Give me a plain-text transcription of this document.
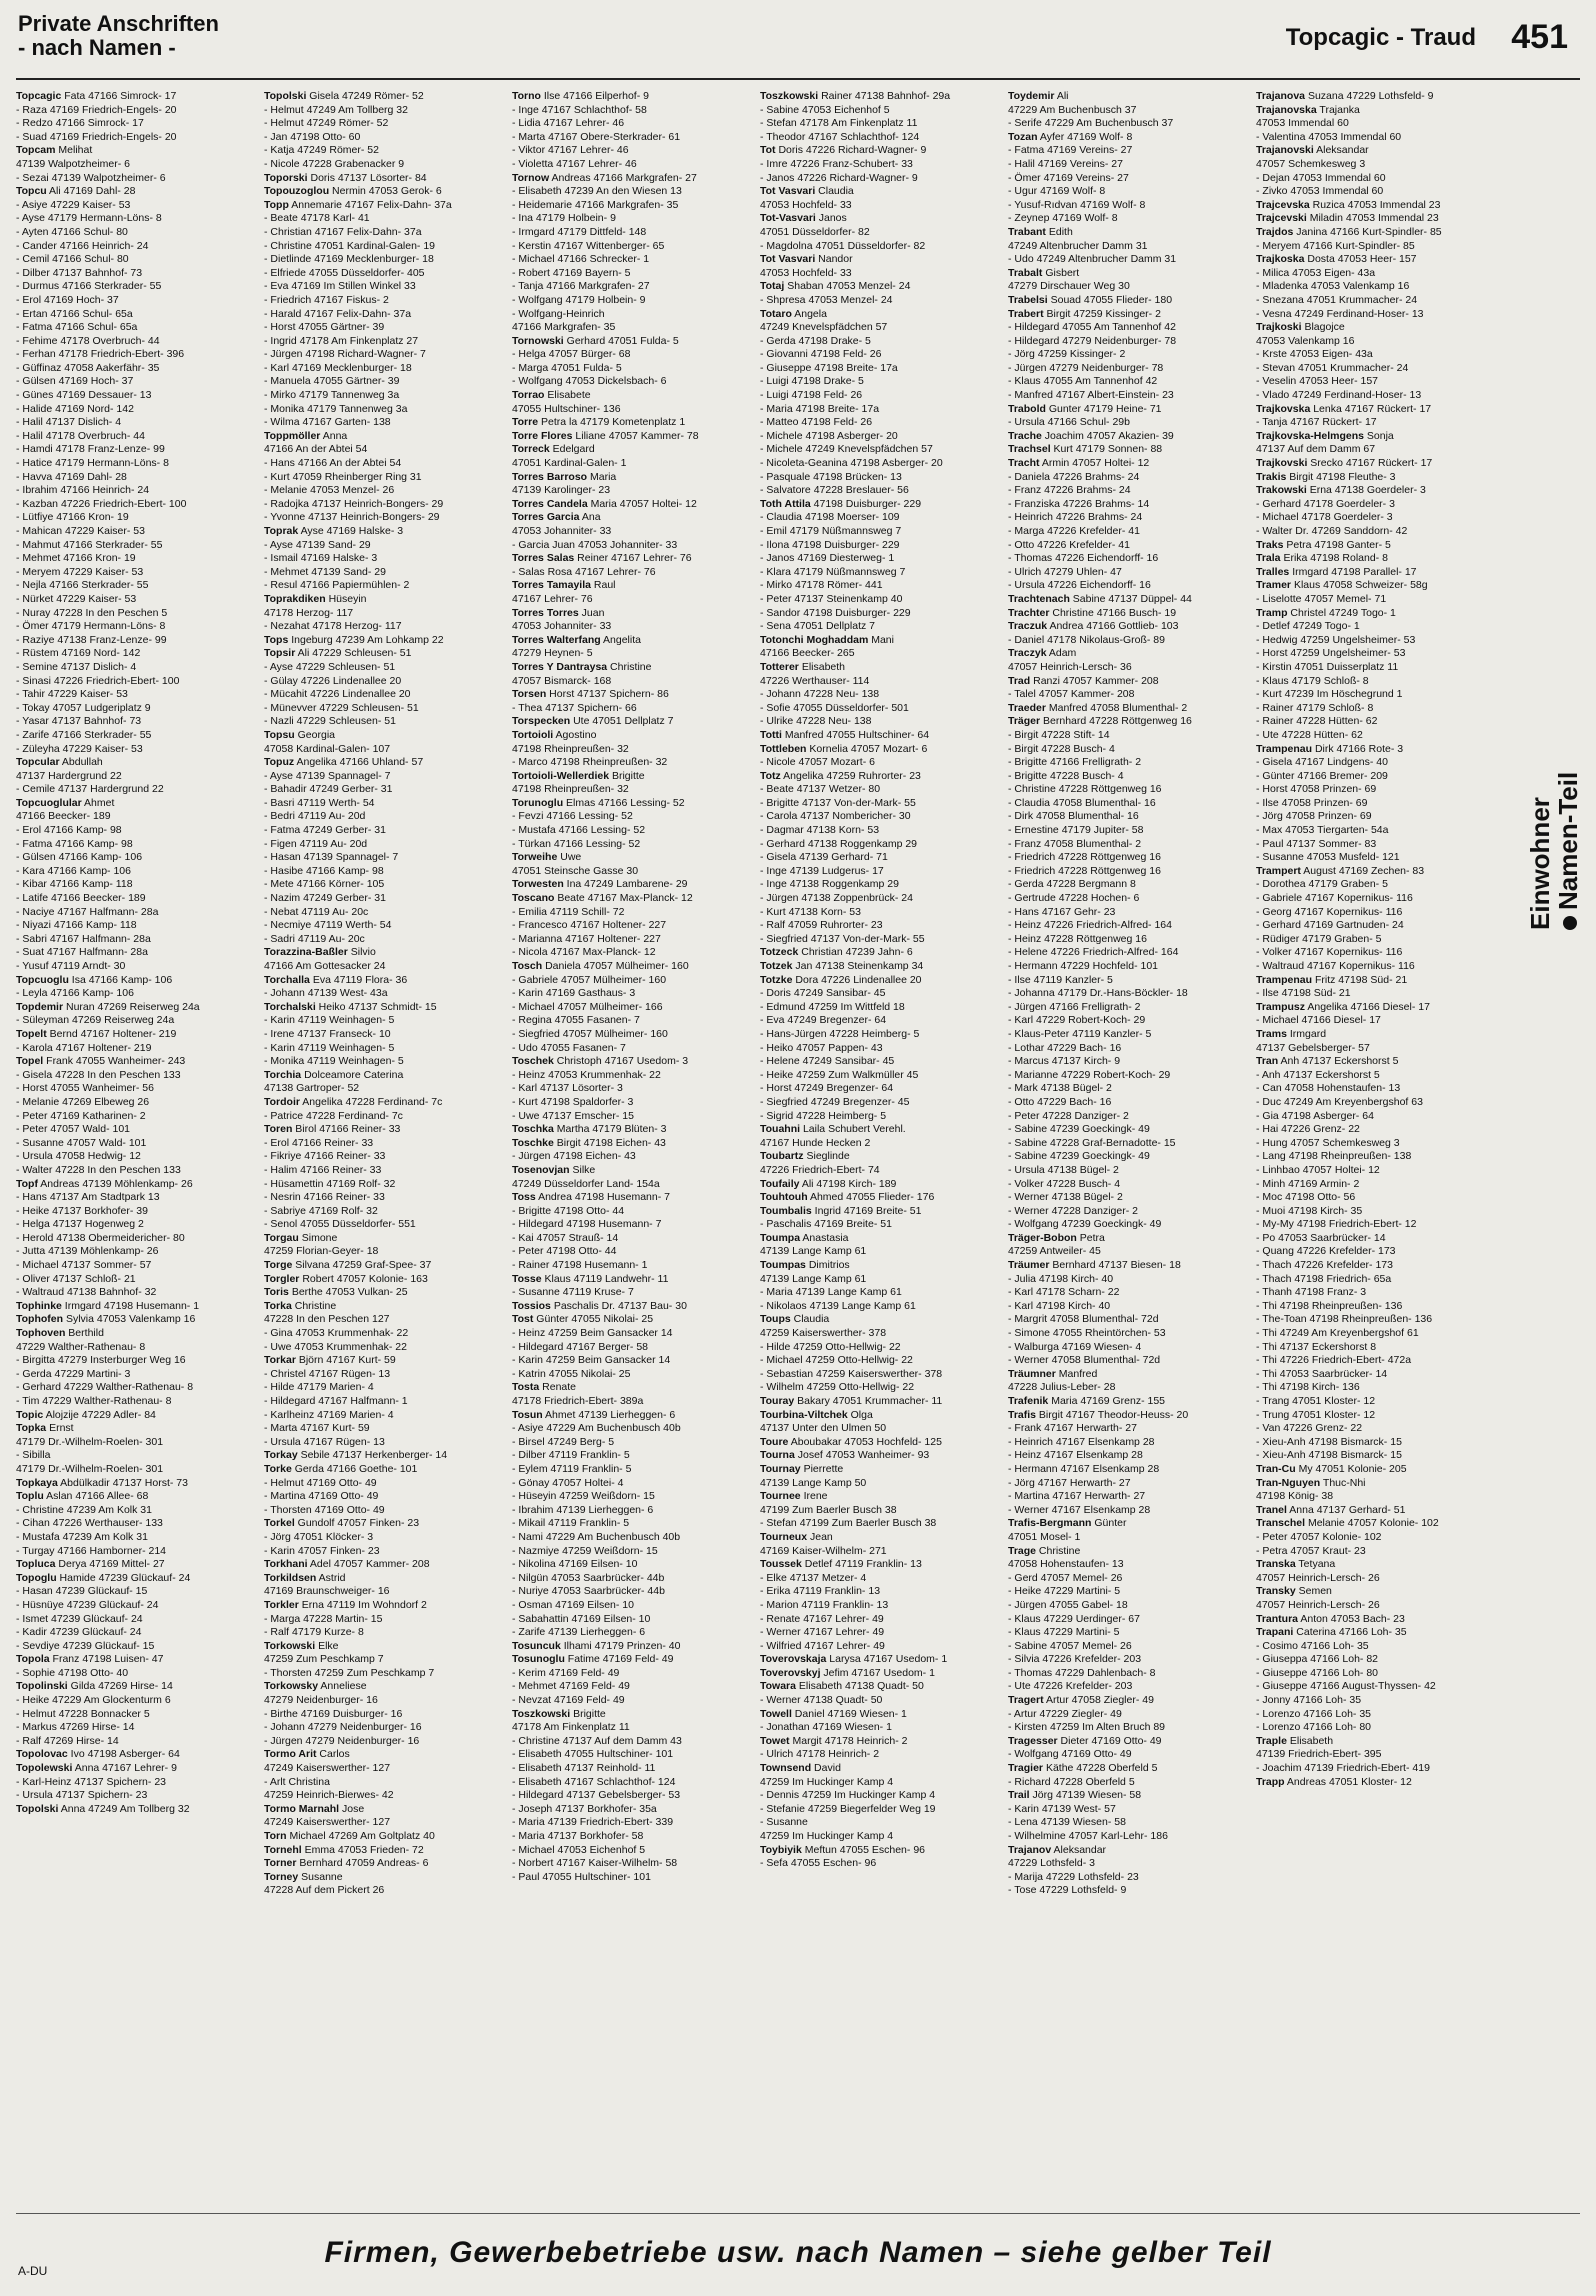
Private Anschriften
- nach Namen -	Topcagic - Traud 451
Topcagic Fata 47166 Simrock- 17
- Raza 47169 Friedrich-Engels- 20
- Redzo 47166 Simrock- 17
- Suad 47169 Friedrich-Engels- 20
Topcam Melihat
47139 Walpotzheimer- 6
- Sezai 47139 Walpotzheimer- 6
Topcu Ali 47169 Dahl- 28
- Asiye 47229 Kaiser- 53
- Ayse 47179 Hermann-Löns- 8
- Ayten 47166 Schul- 80
- Cander 47166 Heinrich- 24
- Cemil 47166 Schul- 80
- Dilber 47137 Bahnhof- 73
- Durmus 47166 Sterkrader- 55
- Erol 47169 Hoch- 37
- Ertan 47166 Schul- 65a
- Fatma 47166 Schul- 65a
- Fehime 47178 Overbruch- 44
- Ferhan 47178 Friedrich-Ebert- 396
- Güffinaz 47058 Aakerfähr- 35
- Gülsen 47169 Hoch- 37
- Günes 47169 Dessauer- 13
- Halide 47169 Nord- 142
- Halil 47137 Dislich- 4
- Halil 47178 Overbruch- 44
- Hamdi 47178 Franz-Lenze- 99
- Hatice 47179 Hermann-Löns- 8
- Havva 47169 Dahl- 28
- Ibrahim 47166 Heinrich- 24
- Kazban 47226 Friedrich-Ebert- 100
- Lütfiye 47166 Kron- 19
- Mahican 47229 Kaiser- 53
- Mahmut 47166 Sterkrader- 55
- Mehmet 47166 Kron- 19
- Meryem 47229 Kaiser- 53
- Nejla 47166 Sterkrader- 55
- Nürket 47229 Kaiser- 53
- Nuray 47228 In den Peschen 5
- Ömer 47179 Hermann-Löns- 8
- Raziye 47138 Franz-Lenze- 99
- Rüstem 47169 Nord- 142
- Semine 47137 Dislich- 4
- Sinasi 47226 Friedrich-Ebert- 100
- Tahir 47229 Kaiser- 53
- Tokay 47057 Ludgeriplatz 9
- Yasar 47137 Bahnhof- 73
- Zarife 47166 Sterkrader- 55
- Züleyha 47229 Kaiser- 53
Topcular Abdullah
47137 Hardergrund 22
- Cemile 47137 Hardergrund 22
Topcuoglular Ahmet
47166 Beecker- 189
- Erol 47166 Kamp- 98
- Fatma 47166 Kamp- 98
- Gülsen 47166 Kamp- 106
- Kara 47166 Kamp- 106
- Kibar 47166 Kamp- 118
- Latife 47166 Beecker- 189
- Naciye 47167 Halfmann- 28a
- Niyazi 47166 Kamp- 118
- Sabri 47167 Halfmann- 28a
- Suat 47167 Halfmann- 28a
- Yusuf 47119 Arndt- 30
Topcuoglu Isa 47166 Kamp- 106
- Leyla 47166 Kamp- 106
Topdemir Nuran 47269 Reiserweg 24a
- Süleyman 47269 Reiserweg 24a
Topelt Bernd 47167 Holtener- 219
- Karola 47167 Holtener- 219
Topel Frank 47055 Wanheimer- 243
- Gisela 47228 In den Peschen 133
- Horst 47055 Wanheimer- 56
- Melanie 47269 Elbeweg 26
- Peter 47169 Katharinen- 2
- Peter 47057 Wald- 101
- Susanne 47057 Wald- 101
- Ursula 47058 Hedwig- 12
- Walter 47228 In den Peschen 133
Topf Andreas 47139 Möhlenkamp- 26
- Hans 47137 Am Stadtpark 13
- Heike 47137 Borkhofer- 39
- Helga 47137 Hogenweg 2
- Herold 47138 Obermeidericher- 80
- Jutta 47139 Möhlenkamp- 26
- Michael 47137 Sommer- 57
- Oliver 47137 Schloß- 21
- Waltraud 47138 Bahnhof- 32
Tophinke Irmgard 47198 Husemann- 1
Tophofen Sylvia 47053 Valenkamp 16
Tophoven Berthild
47229 Walther-Rathenau- 8
- Birgitta 47279 Insterburger Weg 16
- Gerda 47229 Martini- 3
- Gerhard 47229 Walther-Rathenau- 8
- Tim 47229 Walther-Rathenau- 8
Topic Alojzije 47229 Adler- 84
Topka Ernst
47179 Dr.-Wilhelm-Roelen- 301
- Sibilla
47179 Dr.-Wilhelm-Roelen- 301
Topkaya Abdülkadir 47137 Horst- 73
Toplu Aslan 47166 Allee- 68
- Christine 47239 Am Kolk 31
- Cihan 47226 Werthauser- 133
- Mustafa 47239 Am Kolk 31
- Turgay 47166 Hamborner- 214
Topluca Derya 47169 Mittel- 27
Topoglu Hamide 47239 Glückauf- 24
- Hasan 47239 Glückauf- 15
- Hüsnüye 47239 Glückauf- 24
- Ismet 47239 Glückauf- 24
- Kadir 47239 Glückauf- 24
- Sevdiye 47239 Glückauf- 15
Topola Franz 47198 Luisen- 47
- Sophie 47198 Otto- 40
Topolinski Gilda 47269 Hirse- 14
- Heike 47229 Am Glockenturm 6
- Helmut 47228 Bonnacker 5
- Markus 47269 Hirse- 14
- Ralf 47269 Hirse- 14
Topolovac Ivo 47198 Asberger- 64
Topolewski Anna 47167 Lehrer- 9
- Karl-Heinz 47137 Spichern- 23
- Ursula 47137 Spichern- 23
Topolski Anna 47249 Am Tollberg 32
Topolski Gisela 47249 Römer- 52
- Helmut 47249 Am Tollberg 32
- Helmut 47249 Römer- 52
- Jan 47198 Otto- 60
- Katja 47249 Römer- 52
- Nicole 47228 Grabenacker 9
Toporski Doris 47137 Lösorter- 84
Topouzoglou Nermin 47053 Gerok- 6
Topp Annemarie 47167 Felix-Dahn- 37a
- Beate 47178 Karl- 41
- Christian 47167 Felix-Dahn- 37a
- Christine 47051 Kardinal-Galen- 19
- Dietlinde 47169 Mecklenburger- 18
- Elfriede 47055 Düsseldorfer- 405
- Eva 47169 Im Stillen Winkel 33
- Friedrich 47167 Fiskus- 2
- Harald 47167 Felix-Dahn- 37a
- Horst 47055 Gärtner- 39
- Ingrid 47178 Am Finkenplatz 27
- Jürgen 47198 Richard-Wagner- 7
- Karl 47169 Mecklenburger- 18
- Manuela 47055 Gärtner- 39
- Mirko 47179 Tannenweg 3a
- Monika 47179 Tannenweg 3a
- Wilma 47167 Garten- 138
Toppmöller Anna
47166 An der Abtei 54
- Hans 47166 An der Abtei 54
- Kurt 47059 Rheinberger Ring 31
- Melanie 47053 Menzel- 26
- Radojka 47137 Heinrich-Bongers- 29
- Yvonne 47137 Heinrich-Bongers- 29
Toprak Ayse 47169 Halske- 3
- Ayse 47139 Sand- 29
- Ismail 47169 Halske- 3
- Mehmet 47139 Sand- 29
- Resul 47166 Papiermühlen- 2
Toprakdiken Hüseyin
47178 Herzog- 117
- Nezahat 47178 Herzog- 117
Tops Ingeburg 47239 Am Lohkamp 22
Topsir Ali 47229 Schleusen- 51
- Ayse 47229 Schleusen- 51
- Gülay 47226 Lindenallee 20
- Mücahit 47226 Lindenallee 20
- Münevver 47229 Schleusen- 51
- Nazli 47229 Schleusen- 51
Topsu Georgia
47058 Kardinal-Galen- 107
Topuz Angelika 47166 Uhland- 57
- Ayse 47139 Spannagel- 7
- Bahadir 47249 Gerber- 31
- Basri 47119 Werth- 54
- Bedri 47119 Au- 20d
- Fatma 47249 Gerber- 31
- Figen 47119 Au- 20d
- Hasan 47139 Spannagel- 7
- Hasibe 47166 Kamp- 98
- Mete 47166 Körner- 105
- Nazim 47249 Gerber- 31
- Nebat 47119 Au- 20c
- Necmiye 47119 Werth- 54
- Sadri 47119 Au- 20c
Torazzina-Baßler Silvio
47166 Am Gottesacker 24
Torchalla Eva 47119 Flora- 36
- Johann 47139 West- 43a
Torchalski Heiko 47137 Schmidt- 15
- Karin 47119 Weinhagen- 5
- Irene 47137 Franseck- 10
- Karin 47119 Weinhagen- 5
- Monika 47119 Weinhagen- 5
Torchia Dolceamore Caterina
47138 Gartroper- 52
Tordoir Angelika 47228 Ferdinand- 7c
- Patrice 47228 Ferdinand- 7c
Toren Birol 47166 Reiner- 33
- Erol 47166 Reiner- 33
- Fikriye 47166 Reiner- 33
- Halim 47166 Reiner- 33
- Hüsamettin 47169 Rolf- 32
- Nesrin 47166 Reiner- 33
- Sabriye 47169 Rolf- 32
- Senol 47055 Düsseldorfer- 551
Torgau Simone
47259 Florian-Geyer- 18
Torge Silvana 47259 Graf-Spee- 37
Torgler Robert 47057 Kolonie- 163
Toris Berthe 47053 Vulkan- 25
Torka Christine
47228 In den Peschen 127
- Gina 47053 Krummenhak- 22
- Uwe 47053 Krummenhak- 22
Torkar Björn 47167 Kurt- 59
- Christel 47167 Rügen- 13
- Hilde 47179 Marien- 4
- Hildegard 47167 Halfmann- 1
- Karlheinz 47169 Marien- 4
- Marta 47167 Kurt- 59
- Ursula 47167 Rügen- 13
Torkay Sebile 47137 Herkenberger- 14
Torke Gerda 47166 Goethe- 101
- Helmut 47169 Otto- 49
- Martina 47169 Otto- 49
- Thorsten 47169 Otto- 49
Torkel Gundolf 47057 Finken- 23
- Jörg 47051 Klöcker- 3
- Karin 47057 Finken- 23
Torkhani Adel 47057 Kammer- 208
Torkildsen Astrid
47169 Braunschweiger- 16
Torkler Erna 47119 Im Wohndorf 2
- Marga 47228 Martin- 15
- Ralf 47179 Kurze- 8
Torkowski Elke
47259 Zum Peschkamp 7
- Thorsten 47259 Zum Peschkamp 7
Torkowsky Anneliese
47279 Neidenburger- 16
- Birthe 47169 Duisburger- 16
- Johann 47279 Neidenburger- 16
- Jürgen 47279 Neidenburger- 16
Tormo Arit Carlos
47249 Kaiserswerther- 127
- Arlt Christina
47259 Heinrich-Bierwes- 42
Tormo Marnahl Jose
47249 Kaiserswerther- 127
Torn Michael 47269 Am Goltplatz 40
Tornehl Emma 47053 Frieden- 72
Torner Bernhard 47059 Andreas- 6
Torney Susanne
47228 Auf dem Pickert 26
Torno Ilse 47166 Eilperhof- 9
- Inge 47167 Schlachthof- 58
- Lidia 47167 Lehrer- 46
- Marta 47167 Obere-Sterkrader- 61
- Viktor 47167 Lehrer- 46
- Violetta 47167 Lehrer- 46
Tornow Andreas 47166 Markgrafen- 27
- Elisabeth 47239 An den Wiesen 13
- Heidemarie 47166 Markgrafen- 35
- Ina 47179 Holbein- 9
- Irmgard 47179 Dittfeld- 148
- Kerstin 47167 Wittenberger- 65
- Michael 47166 Schrecker- 1
- Robert 47169 Bayern- 5
- Tanja 47166 Markgrafen- 27
- Wolfgang 47179 Holbein- 9
- Wolfgang-Heinrich
47166 Markgrafen- 35
Tornowski Gerhard 47051 Fulda- 5
- Helga 47057 Bürger- 68
- Marga 47051 Fulda- 5
- Wolfgang 47053 Dickelsbach- 6
Torrao Elisabete
47055 Hultschiner- 136
Torre Petra la 47179 Kometenplatz 1
Torre Flores Liliane 47057 Kammer- 78
Torreck Edelgard
47051 Kardinal-Galen- 1
Torres Barroso Maria
47139 Karolinger- 23
Torres Candela Maria 47057 Holtei- 12
Torres Garcia Ana
47053 Johanniter- 33
- Garcia Juan 47053 Johanniter- 33
Torres Salas Reiner 47167 Lehrer- 76
- Salas Rosa 47167 Lehrer- 76
Torres Tamayila Raul
47167 Lehrer- 76
Torres Torres Juan
47053 Johanniter- 33
Torres Walterfang Angelita
47279 Heynen- 5
Torres Y Dantraysa Christine
47057 Bismarck- 168
Torsen Horst 47137 Spichern- 86
- Thea 47137 Spichern- 66
Torspecken Ute 47051 Dellplatz 7
Tortoioli Agostino
47198 Rheinpreußen- 32
- Marco 47198 Rheinpreußen- 32
Tortoioli-Wellerdiek Brigitte
47198 Rheinpreußen- 32
Torunoglu Elmas 47166 Lessing- 52
- Fevzi 47166 Lessing- 52
- Mustafa 47166 Lessing- 52
- Türkan 47166 Lessing- 52
Torweihe Uwe
47051 Steinsche Gasse 30
Torwesten Ina 47249 Lambarene- 29
Toscano Beate 47167 Max-Planck- 12
- Emilia 47119 Schill- 72
- Francesco 47167 Holtener- 227
- Marianna 47167 Holtener- 227
- Nicola 47167 Max-Planck- 12
Tosch Daniela 47057 Mülheimer- 160
- Gabriele 47057 Mülheimer- 160
- Karin 47169 Gasthaus- 3
- Michael 47057 Mülheimer- 166
- Regina 47055 Fasanen- 7
- Siegfried 47057 Mülheimer- 160
- Udo 47055 Fasanen- 7
Toschek Christoph 47167 Usedom- 3
- Heinz 47053 Krummenhak- 22
- Karl 47137 Lösorter- 3
- Kurt 47198 Spaldorfer- 3
- Uwe 47137 Emscher- 15
Toschka Martha 47179 Blüten- 3
Toschke Birgit 47198 Eichen- 43
- Jürgen 47198 Eichen- 43
Tosenovjan Silke
47249 Düsseldorfer Land- 154a
Toss Andrea 47198 Husemann- 7
- Brigitte 47198 Otto- 44
- Hildegard 47198 Husemann- 7
- Kai 47057 Strauß- 14
- Peter 47198 Otto- 44
- Rainer 47198 Husemann- 1
Tosse Klaus 47119 Landwehr- 11
- Susanne 47119 Kruse- 7
Tossios Paschalis Dr. 47137 Bau- 30
Tost Günter 47055 Nikolai- 25
- Heinz 47259 Beim Gansacker 14
- Hildegard 47167 Berger- 58
- Karin 47259 Beim Gansacker 14
- Katrin 47055 Nikolai- 25
Tosta Renate
47178 Friedrich-Ebert- 389a
Tosun Ahmet 47139 Lierheggen- 6
- Asiye 47229 Am Buchenbusch 40b
- Birsel 47249 Berg- 5
- Dilber 47119 Franklin- 5
- Eylem 47119 Franklin- 5
- Gönay 47057 Holtei- 4
- Hüseyin 47259 Weißdorn- 15
- Ibrahim 47139 Lierheggen- 6
- Mikail 47119 Franklin- 5
- Nami 47229 Am Buchenbusch 40b
- Nazmiye 47259 Weißdorn- 15
- Nikolina 47169 Eilsen- 10
- Nilgün 47053 Saarbrücker- 44b
- Nuriye 47053 Saarbrücker- 44b
- Osman 47169 Eilsen- 10
- Sabahattin 47169 Eilsen- 10
- Zarife 47139 Lierheggen- 6
Tosuncuk Ilhami 47179 Prinzen- 40
Tosunoglu Fatime 47169 Feld- 49
- Kerim 47169 Feld- 49
- Mehmet 47169 Feld- 49
- Nevzat 47169 Feld- 49
Toszkowski Brigitte
47178 Am Finkenplatz 11
- Christine 47137 Auf dem Damm 43
- Elisabeth 47055 Hultschiner- 101
- Elisabeth 47137 Reinhold- 11
- Elisabeth 47167 Schlachthof- 124
- Hildegard 47137 Gebelsberger- 53
- Joseph 47137 Borkhofer- 35a
- Maria 47139 Friedrich-Ebert- 339
- Maria 47137 Borkhofer- 58
- Michael 47053 Eichenhof 5
- Norbert 47167 Kaiser-Wilhelm- 58
- Paul 47055 Hultschiner- 101
Toszkowski Rainer 47138 Bahnhof- 29a
- Sabine 47053 Eichenhof 5
- Stefan 47178 Am Finkenplatz 11
- Theodor 47167 Schlachthof- 124
Tot Doris 47226 Richard-Wagner- 9
- Imre 47226 Franz-Schubert- 33
- Janos 47226 Richard-Wagner- 9
Tot Vasvari Claudia
47053 Hochfeld- 33
Tot-Vasvari Janos
47051 Düsseldorfer- 82
- Magdolna 47051 Düsseldorfer- 82
Tot Vasvari Nandor
47053 Hochfeld- 33
Totaj Shaban 47053 Menzel- 24
- Shpresa 47053 Menzel- 24
Totaro Angela
47249 Knevelspfädchen 57
- Gerda 47198 Drake- 5
- Giovanni 47198 Feld- 26
- Giuseppe 47198 Breite- 17a
- Luigi 47198 Drake- 5
- Luigi 47198 Feld- 26
- Maria 47198 Breite- 17a
- Matteo 47198 Feld- 26
- Michele 47198 Asberger- 20
- Michele 47249 Knevelspfädchen 57
- Nicoleta-Geanina 47198 Asberger- 20
- Pasquale 47198 Brücken- 13
- Salvatore 47228 Breslauer- 56
Toth Attila 47198 Duisburger- 229
- Claudia 47198 Moerser- 109
- Emil 47179 Nüßmannsweg 7
- Ilona 47198 Duisburger- 229
- Janos 47169 Diesterweg- 1
- Klara 47179 Nüßmannsweg 7
- Mirko 47178 Römer- 441
- Peter 47137 Steinenkamp 40
- Sandor 47198 Duisburger- 229
- Sena 47051 Dellplatz 7
Totonchi Moghaddam Mani
47166 Beecker- 265
Totterer Elisabeth
47226 Werthauser- 114
- Johann 47228 Neu- 138
- Sofie 47055 Düsseldorfer- 501
- Ulrike 47228 Neu- 138
Totti Manfred 47055 Hultschiner- 64
Tottleben Kornelia 47057 Mozart- 6
- Nicole 47057 Mozart- 6
Totz Angelika 47259 Ruhrorter- 23
- Beate 47137 Wetzer- 80
- Brigitte 47137 Von-der-Mark- 55
- Carola 47137 Nombericher- 30
- Dagmar 47138 Korn- 53
- Gerhard 47138 Roggenkamp 29
- Gisela 47139 Gerhard- 71
- Inge 47139 Ludgerus- 17
- Inge 47138 Roggenkamp 29
- Jürgen 47138 Zoppenbrück- 24
- Kurt 47138 Korn- 53
- Ralf 47059 Ruhrorter- 23
- Siegfried 47137 Von-der-Mark- 55
Totzeck Christian 47239 Jahn- 6
Totzek Jan 47138 Steinenkamp 34
Totzke Dora 47226 Lindenallee 20
- Doris 47249 Sansibar- 45
- Edmund 47259 Im Wittfeld 18
- Eva 47249 Bregenzer- 64
- Hans-Jürgen 47228 Heimberg- 5
- Heiko 47057 Pappen- 43
- Helene 47249 Sansibar- 45
- Heike 47259 Zum Walkmüller 45
- Horst 47249 Bregenzer- 64
- Siegfried 47249 Bregenzer- 45
- Sigrid 47228 Heimberg- 5
Touahni Laila Schubert Verehl.
47167 Hunde Hecken 2
Toubartz Sieglinde
47226 Friedrich-Ebert- 74
Toufaily Ali 47198 Kirch- 189
Touhtouh Ahmed 47055 Flieder- 176
Toumbalis Ingrid 47169 Breite- 51
- Paschalis 47169 Breite- 51
Toumpa Anastasia
47139 Lange Kamp 61
Toumpas Dimitrios
47139 Lange Kamp 61
- Maria 47139 Lange Kamp 61
- Nikolaos 47139 Lange Kamp 61
Toups Claudia
47259 Kaiserswerther- 378
- Hilde 47259 Otto-Hellwig- 22
- Michael 47259 Otto-Hellwig- 22
- Sebastian 47259 Kaiserswerther- 378
- Wilhelm 47259 Otto-Hellwig- 22
Touray Bakary 47051 Krummacher- 11
Tourbina-Viltchek Olga
47137 Unter den Ulmen 50
Toure Aboubakar 47053 Hochfeld- 125
Tourna Josef 47053 Wanheimer- 93
Tournay Pierrette
47139 Lange Kamp 50
Tournee Irene
47199 Zum Baerler Busch 38
- Stefan 47199 Zum Baerler Busch 38
Tourneux Jean
47169 Kaiser-Wilhelm- 271
Toussek Detlef 47119 Franklin- 13
- Elke 47137 Metzer- 4
- Erika 47119 Franklin- 13
- Marion 47119 Franklin- 13
- Renate 47167 Lehrer- 49
- Werner 47167 Lehrer- 49
- Wilfried 47167 Lehrer- 49
Toverovskaja Larysa 47167 Usedom- 1
Toverovskyj Jefim 47167 Usedom- 1
Towara Elisabeth 47138 Quadt- 50
- Werner 47138 Quadt- 50
Towell Daniel 47169 Wiesen- 1
- Jonathan 47169 Wiesen- 1
Towet Margit 47178 Heinrich- 2
- Ulrich 47178 Heinrich- 2
Townsend David
47259 Im Huckinger Kamp 4
- Dennis 47259 Im Huckinger Kamp 4
- Stefanie 47259 Biegerfelder Weg 19
- Susanne
47259 Im Huckinger Kamp 4
Toybiyik Meftun 47055 Eschen- 96
- Sefa 47055 Eschen- 96
Toydemir Ali
47229 Am Buchenbusch 37
- Serife 47229 Am Buchenbusch 37
Tozan Ayfer 47169 Wolf- 8
- Fatma 47169 Vereins- 27
- Halil 47169 Vereins- 27
- Ömer 47169 Vereins- 27
- Ugur 47169 Wolf- 8
- Yusuf-Rıdvan 47169 Wolf- 8
- Zeynep 47169 Wolf- 8
Trabant Edith
47249 Altenbrucher Damm 31
- Udo 47249 Altenbrucher Damm 31
Trabalt Gisbert
47279 Dirschauer Weg 30
Trabelsi Souad 47055 Flieder- 180
Trabert Birgit 47259 Kissinger- 2
- Hildegard 47055 Am Tannenhof 42
- Hildegard 47279 Neidenburger- 78
- Jörg 47259 Kissinger- 2
- Jürgen 47279 Neidenburger- 78
- Klaus 47055 Am Tannenhof 42
- Manfred 47167 Albert-Einstein- 23
Trabold Gunter 47179 Heine- 71
- Ursula 47166 Schul- 29b
Trache Joachim 47057 Akazien- 39
Trachsel Kurt 47179 Sonnen- 88
Tracht Armin 47057 Holtei- 12
- Daniela 47226 Brahms- 24
- Franz 47226 Brahms- 24
- Franziska 47226 Brahms- 14
- Heinrich 47226 Brahms- 24
- Marga 47226 Krefelder- 41
- Otto 47226 Krefelder- 41
- Thomas 47226 Eichendorff- 16
- Ulrich 47279 Uhlen- 47
- Ursula 47226 Eichendorff- 16
Trachtenach Sabine 47137 Düppel- 44
Trachter Christine 47166 Busch- 19
Traczuk Andrea 47166 Gottlieb- 103
- Daniel 47178 Nikolaus-Groß- 89
Traczyk Adam
47057 Heinrich-Lersch- 36
Trad Ranzi 47057 Kammer- 208
- Talel 47057 Kammer- 208
Traeder Manfred 47058 Blumenthal- 2
Träger Bernhard 47228 Röttgenweg 16
- Birgit 47228 Stift- 14
- Birgit 47228 Busch- 4
- Brigitte 47166 Frelligrath- 2
- Brigitte 47228 Busch- 4
- Christine 47228 Röttgenweg 16
- Claudia 47058 Blumenthal- 16
- Dirk 47058 Blumenthal- 16
- Ernestine 47179 Jupiter- 58
- Franz 47058 Blumenthal- 2
- Friedrich 47228 Röttgenweg 16
- Friedrich 47228 Röttgenweg 16
- Gerda 47228 Bergmann 8
- Gertrude 47228 Hochen- 6
- Hans 47167 Gehr- 23
- Heinz 47226 Friedrich-Alfred- 164
- Heinz 47228 Röttgenweg 16
- Helene 47226 Friedrich-Alfred- 164
- Hermann 47229 Hochfeld- 101
- Ilse 47119 Kanzler- 5
- Johanna 47179 Dr.-Hans-Böckler- 18
- Jürgen 47166 Frelligrath- 2
- Karl 47229 Robert-Koch- 29
- Klaus-Peter 47119 Kanzler- 5
- Lothar 47229 Bach- 16
- Marcus 47137 Kirch- 9
- Marianne 47229 Robert-Koch- 29
- Mark 47138 Bügel- 2
- Otto 47229 Bach- 16
- Peter 47228 Danziger- 2
- Sabine 47239 Goeckingk- 49
- Sabine 47228 Graf-Bernadotte- 15
- Sabine 47239 Goeckingk- 49
- Ursula 47138 Bügel- 2
- Volker 47228 Busch- 4
- Werner 47138 Bügel- 2
- Werner 47228 Danziger- 2
- Wolfgang 47239 Goeckingk- 49
Träger-Bobon Petra
47259 Antweiler- 45
Träumer Bernhard 47137 Biesen- 18
- Julia 47198 Kirch- 40
- Karl 47178 Scharn- 22
- Karl 47198 Kirch- 40
- Margrit 47058 Blumenthal- 72d
- Simone 47055 Rheintörchen- 53
- Walburga 47169 Wiesen- 4
- Werner 47058 Blumenthal- 72d
Träumner Manfred
47228 Julius-Leber- 28
Trafenik Maria 47169 Grenz- 155
Trafis Birgit 47167 Theodor-Heuss- 20
- Frank 47167 Herwarth- 27
- Heinrich 47167 Elsenkamp 28
- Heinz 47167 Elsenkamp 28
- Hermann 47167 Elsenkamp 28
- Jörg 47167 Herwarth- 27
- Martina 47167 Herwarth- 27
- Werner 47167 Elsenkamp 28
Trafis-Bergmann Günter
47051 Mosel- 1
Trage Christine
47058 Hohenstaufen- 13
- Gerd 47057 Memel- 26
- Heike 47229 Martini- 5
- Jürgen 47055 Gabel- 18
- Klaus 47229 Uerdinger- 67
- Klaus 47229 Martini- 5
- Sabine 47057 Memel- 26
- Silvia 47226 Krefelder- 203
- Thomas 47229 Dahlenbach- 8
- Ute 47226 Krefelder- 203
Tragert Artur 47058 Ziegler- 49
- Artur 47229 Ziegler- 49
- Kirsten 47259 Im Alten Bruch 89
Tragesser Dieter 47169 Otto- 49
- Wolfgang 47169 Otto- 49
Tragier Käthe 47228 Oberfeld 5
- Richard 47228 Oberfeld 5
Trail Jörg 47139 Wiesen- 58
- Karin 47139 West- 57
- Lena 47139 Wiesen- 58
- Wilhelmine 47057 Karl-Lehr- 186
Trajanov Aleksandar
47229 Lothsfeld- 3
- Marija 47229 Lothsfeld- 23
- Tose 47229 Lothsfeld- 9
Trajanova Suzana 47229 Lothsfeld- 9
Trajanovska Trajanka
47053 Immendal 60
- Valentina 47053 Immendal 60
Trajanovski Aleksandar
47057 Schemkesweg 3
- Dejan 47053 Immendal 60
- Zivko 47053 Immendal 60
Trajcevska Ruzica 47053 Immendal 23
Trajcevski Miladin 47053 Immendal 23
Trajdos Janina 47166 Kurt-Spindler- 85
- Meryem 47166 Kurt-Spindler- 85
Trajkoska Dosta 47053 Heer- 157
- Milica 47053 Eigen- 43a
- Mladenka 47053 Valenkamp 16
- Snezana 47051 Krummacher- 24
- Vesna 47249 Ferdinand-Hoser- 13
Trajkoski Blagojce
47053 Valenkamp 16
- Krste 47053 Eigen- 43a
- Stevan 47051 Krummacher- 24
- Veselin 47053 Heer- 157
- Vlado 47249 Ferdinand-Hoser- 13
Trajkovska Lenka 47167 Rückert- 17
- Tanja 47167 Rückert- 17
Trajkovska-Helmgens Sonja
47137 Auf dem Damm 67
Trajkovski Srecko 47167 Rückert- 17
Trakis Birgit 47198 Fleuthe- 3
Trakowski Erna 47138 Goerdeler- 3
- Gerhard 47178 Goerdeler- 3
- Michael 47178 Goerdeler- 3
- Walter Dr. 47269 Sanddorn- 42
Traks Petra 47198 Ganter- 5
Trala Erika 47198 Roland- 8
Tralles Irmgard 47198 Parallel- 17
Tramer Klaus 47058 Schweizer- 58g
- Liselotte 47057 Memel- 71
Tramp Christel 47249 Togo- 1
- Detlef 47249 Togo- 1
- Hedwig 47259 Ungelsheimer- 53
- Horst 47259 Ungelsheimer- 53
- Kirstin 47051 Duisserplatz 11
- Klaus 47179 Schloß- 8
- Kurt 47239 Im Höschegrund 1
- Rainer 47179 Schloß- 8
- Rainer 47228 Hütten- 62
- Ute 47228 Hütten- 62
Trampenau Dirk 47166 Rote- 3
- Gisela 47167 Lindgens- 40
- Günter 47166 Bremer- 209
- Horst 47058 Prinzen- 69
- Ilse 47058 Prinzen- 69
- Jörg 47058 Prinzen- 69
- Max 47053 Tiergarten- 54a
- Paul 47137 Sommer- 83
- Susanne 47053 Musfeld- 121
Trampert August 47169 Zechen- 83
- Dorothea 47179 Graben- 5
- Gabriele 47167 Kopernikus- 116
- Georg 47167 Kopernikus- 116
- Gerhard 47169 Gartnuden- 24
- Rüdiger 47179 Graben- 5
- Volker 47167 Kopernikus- 116
- Waltraud 47167 Kopernikus- 116
Trampenau Fritz 47198 Süd- 21
- Ilse 47198 Süd- 21
Trampusz Angelika 47166 Diesel- 17
- Michael 47166 Diesel- 17
Trams Irmgard
47137 Gebelsberger- 57
Tran Anh 47137 Eckershorst 5
- Anh 47137 Eckershorst 5
- Can 47058 Hohenstaufen- 13
- Duc 47249 Am Kreyenbergshof 63
- Gia 47198 Asberger- 64
- Hai 47226 Grenz- 22
- Hung 47057 Schemkesweg 3
- Lang 47198 Rheinpreußen- 138
- Linhbao 47057 Holtei- 12
- Minh 47169 Armin- 2
- Moc 47198 Otto- 56
- Muoi 47198 Kirch- 35
- My-My 47198 Friedrich-Ebert- 12
- Po 47053 Saarbrücker- 14
- Quang 47226 Krefelder- 173
- Thach 47226 Krefelder- 173
- Thach 47198 Friedrich- 65a
- Thanh 47198 Franz- 3
- Thi 47198 Rheinpreußen- 136
- The-Toan 47198 Rheinpreußen- 136
- Thi 47249 Am Kreyenbergshof 61
- Thi 47137 Eckershorst 8
- Thi 47226 Friedrich-Ebert- 472a
- Thi 47053 Saarbrücker- 14
- Thi 47198 Kirch- 136
- Trang 47051 Kloster- 12
- Trung 47051 Kloster- 12
- Van 47226 Grenz- 22
- Xieu-Anh 47198 Bismarck- 15
- Xieu-Anh 47198 Bismarck- 15
Tran-Cu My 47051 Kolonie- 205
Tran-Nguyen Thuc-Nhi
47198 König- 38
Tranel Anna 47137 Gerhard- 51
Transchel Melanie 47057 Kolonie- 102
- Peter 47057 Kolonie- 102
- Petra 47057 Kraut- 23
Transka Tetyana
47057 Heinrich-Lersch- 26
Transky Semen
47057 Heinrich-Lersch- 26
Trantura Anton 47053 Bach- 23
Trapani Caterina 47166 Loh- 35
- Cosimo 47166 Loh- 35
- Giuseppa 47166 Loh- 82
- Giuseppe 47166 Loh- 80
- Giuseppe 47166 August-Thyssen- 42
- Jonny 47166 Loh- 35
- Lorenzo 47166 Loh- 35
- Lorenzo 47166 Loh- 80
Traple Elisabeth
47139 Friedrich-Ebert- 395
- Joachim 47139 Friedrich-Ebert- 419
Trapp Andreas 47051 Kloster- 12
Einwohner
Namen-Teil
Firmen, Gewerbebetriebe usw. nach Namen – siehe gelber Teil
A-DU
